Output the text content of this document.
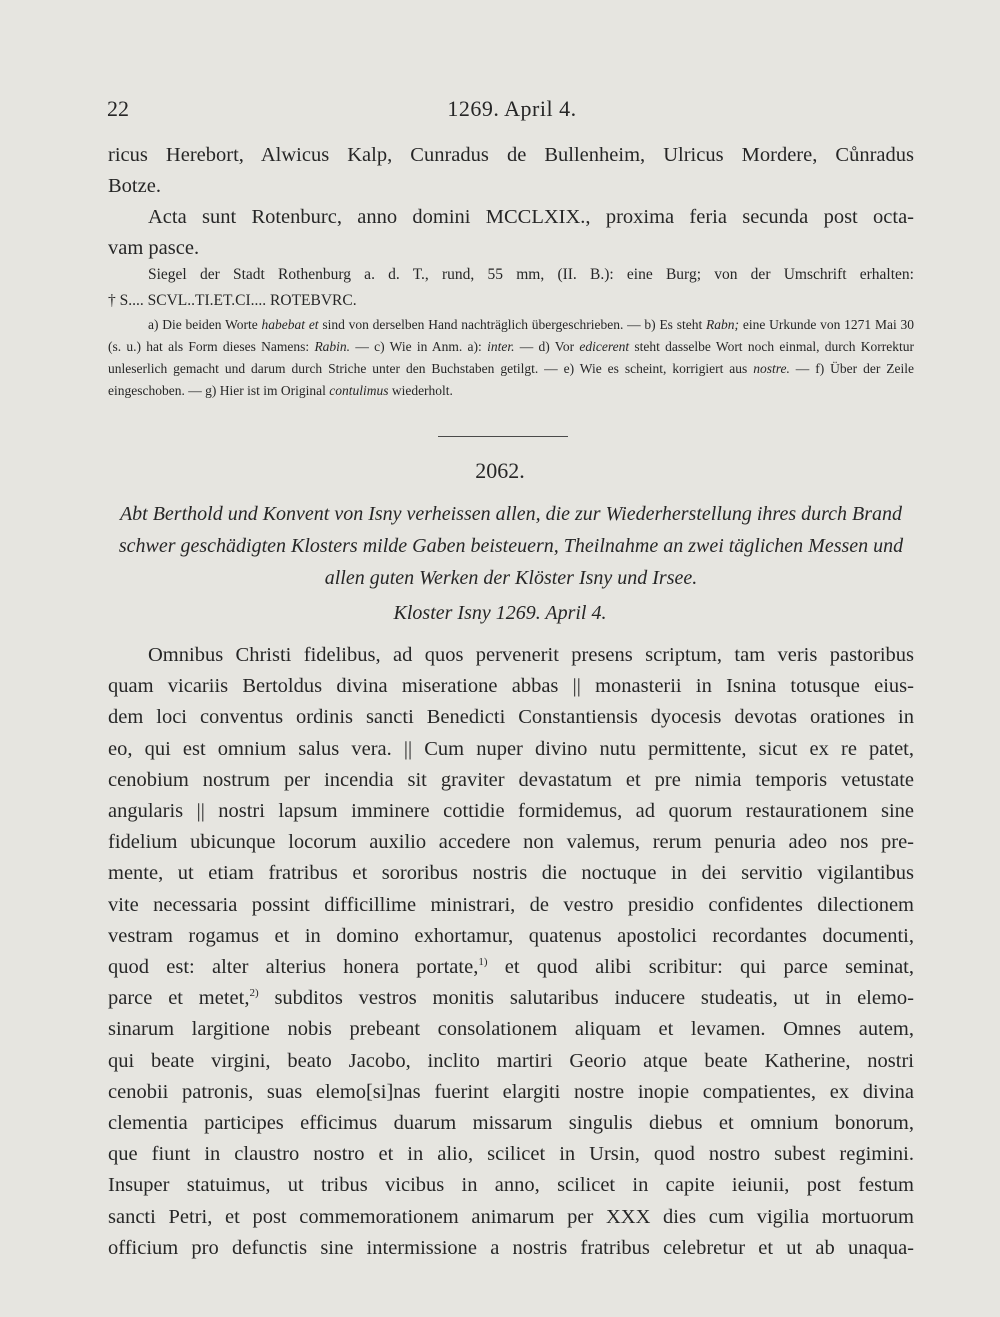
22	1269. April 4.
ricus Herebort, Alwicus Kalp, Cunradus de Bullenheim, Ulricus Mordere, Cůnradus
Botze.
Acta sunt Rotenburc, anno domini MCCLXIX., proxima feria secunda post octa-
vam pasce.
Siegel der Stadt Rothenburg a. d. T., rund, 55 mm, (II. B.): eine Burg; von der Umschrift erhalten:
† S.... SCVL..TI.ET.CI.... ROTEBVRC.
a) Die beiden Worte habebat et sind von derselben Hand nachträglich übergeschrieben. — b) Es steht Rabn; eine Urkunde von 1271 Mai 30 (s. u.) hat als Form dieses Namens: Rabin. — c) Wie in Anm. a): inter. — d) Vor edicerent steht dasselbe Wort noch einmal, durch Korrektur unleserlich gemacht und darum durch Striche unter den Buchstaben getilgt. — e) Wie es scheint, korrigiert aus nostre. — f) Über der Zeile eingeschoben. — g) Hier ist im Original contulimus wiederholt.
2062.
Abt Berthold und Konvent von Isny verheissen allen, die zur Wiederherstellung ihres durch Brand schwer geschädigten Klosters milde Gaben beisteuern, Theilnahme an zwei täglichen Messen und allen guten Werken der Klöster Isny und Irsee.
Kloster Isny 1269. April 4.
Omnibus Christi fidelibus, ad quos pervenerit presens scriptum, tam veris pastoribus
quam vicariis Bertoldus divina miseratione abbas || monasterii in Isnina totusque eius-
dem loci conventus ordinis sancti Benedicti Constantiensis dyocesis devotas orationes in
eo, qui est omnium salus vera. || Cum nuper divino nutu permittente, sicut ex re patet,
cenobium nostrum per incendia sit graviter devastatum et pre nimia temporis vetustate
angularis || nostri lapsum imminere cottidie formidemus, ad quorum restaurationem sine
fidelium ubicunque locorum auxilio accedere non valemus, rerum penuria adeo nos pre-
mente, ut etiam fratribus et sororibus nostris die noctuque in dei servitio vigilantibus
vite necessaria possint difficillime ministrari, de vestro presidio confidentes dilectionem
vestram rogamus et in domino exhortamur, quatenus apostolici recordantes documenti,
quod est: alter alterius honera portate,$^{1)}$ et quod alibi scribitur: qui parce seminat,
parce et metet,$^{2)}$ subditos vestros monitis salutaribus inducere studeatis, ut in elemo-
sinarum largitione nobis prebeant consolationem aliquam et levamen. Omnes autem,
qui beate virgini, beato Jacobo, inclito martiri Georio atque beate Katherine, nostri
cenobii patronis, suas elemo[si]nas fuerint elargiti nostre inopie compatientes, ex divina
clementia participes efficimus duarum missarum singulis diebus et omnium bonorum,
que fiunt in claustro nostro et in alio, scilicet in Ursin, quod nostro subest regimini.
Insuper statuimus, ut tribus vicibus in anno, scilicet in capite ieiunii, post festum
sancti Petri, et post commemorationem animarum per XXX dies cum vigilia mortuorum
officium pro defunctis sine intermissione a nostris fratribus celebretur et ut ab unaqua-
